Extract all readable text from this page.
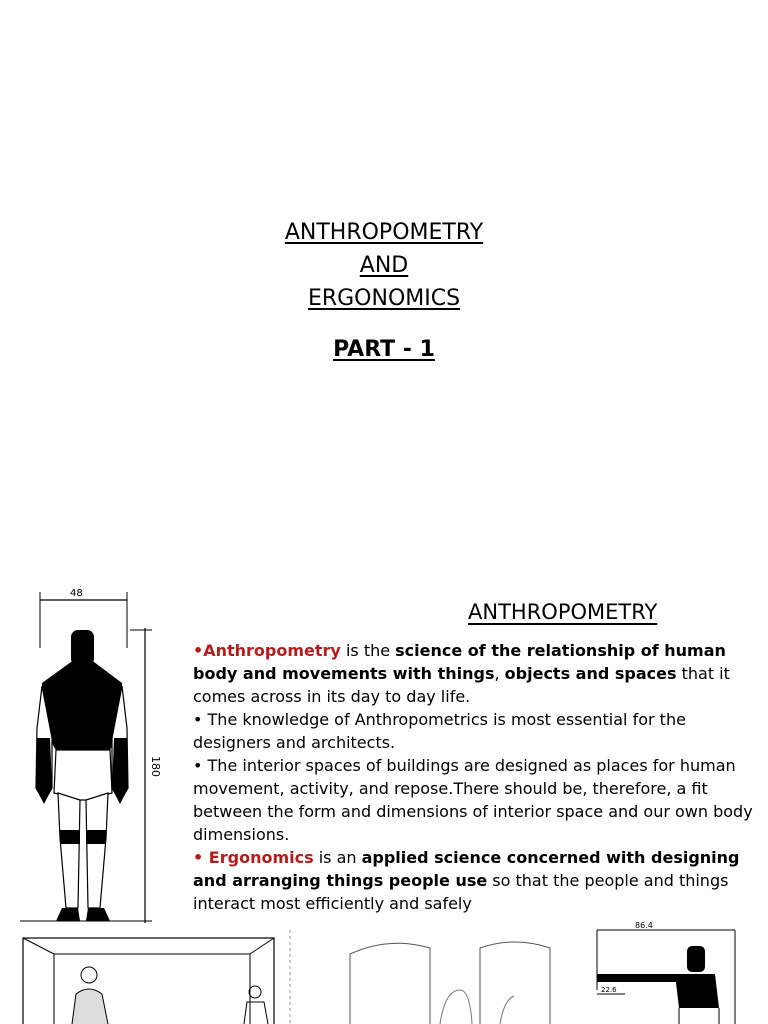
ANTHROPOMETRY
AND
ERGONOMICS
PART - 1
48
180
ANTHROPOMETRY

•Anthropometry is the science of the relationship of human body and movements with things, objects and spaces that it comes across in its day to day life.

• The knowledge of Anthropometrics is most essential for the designers and architects.

• The interior spaces of buildings are designed as places for human movement, activity, and repose.There should be, therefore, a fit between the form and dimensions of interior space and our own body dimensions.

• Ergonomics is an applied science concerned with designing and arranging things people use so that the people and things interact most efficiently and safely

86.4
22.6
